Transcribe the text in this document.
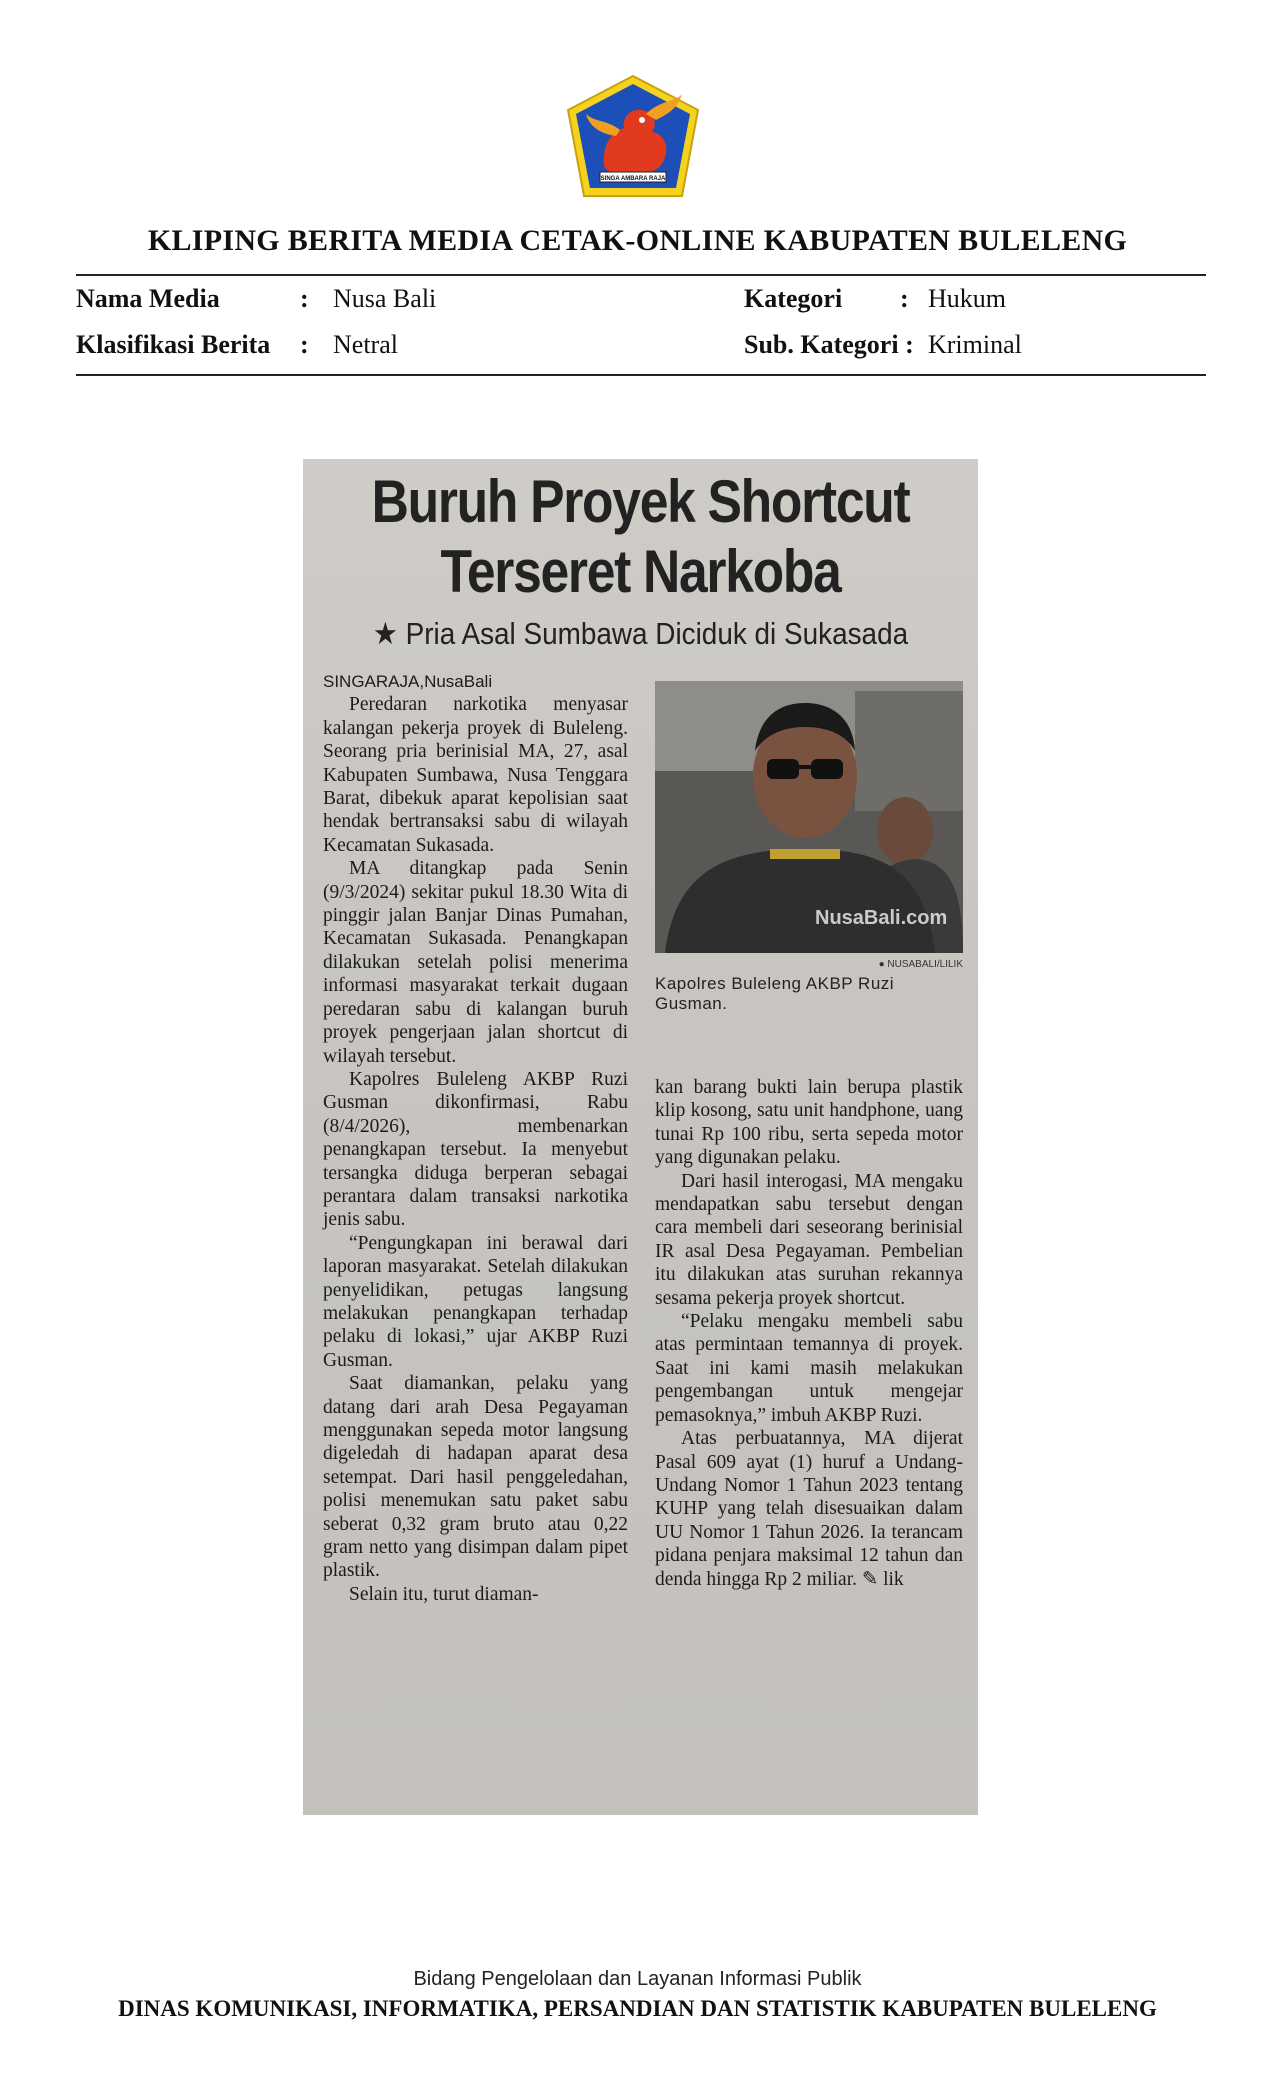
SINGA AMBARA RAJA
KLIPING BERITA MEDIA CETAK-ONLINE KABUPATEN BULELENG
Nama Media	: Nusa Bali	Kategori : Hukum
Klasifikasi Berita : Netral	Sub. Kategori : Kriminal
Buruh Proyek Shortcut
Terseret Narkoba
★ Pria Asal Sumbawa Diciduk di Sukasada

SINGARAJA,NusaBali

Peredaran narkotika menyasar kalangan pekerja proyek di Buleleng. Seorang pria berinisial MA, 27, asal Kabupaten Sumbawa, Nusa Tenggara Barat, dibekuk aparat kepolisian saat hendak bertransaksi sabu di wilayah Kecamatan Sukasada.

MA ditangkap pada Senin (9/3/2024) sekitar pukul 18.30 Wita di pinggir jalan Banjar Dinas Pumahan, Kecamatan Sukasada. Penangkapan dilakukan setelah polisi menerima informasi masyarakat terkait dugaan peredaran sabu di kalangan buruh proyek pengerjaan jalan shortcut di wilayah tersebut.

Kapolres Buleleng AKBP Ruzi Gusman dikonfirmasi, Rabu (8/4/2026), membenarkan penangkapan tersebut. Ia menyebut tersangka diduga berperan sebagai perantara dalam transaksi narkotika jenis sabu.

“Pengungkapan ini berawal dari laporan masyarakat. Setelah dilakukan penyelidikan, petugas langsung melakukan penangkapan terhadap pelaku di lokasi,” ujar AKBP Ruzi Gusman.

Saat diamankan, pelaku yang datang dari arah Desa Pegayaman menggunakan sepeda motor langsung digeledah di hadapan aparat desa setempat. Dari hasil penggeledahan, polisi menemukan satu paket sabu seberat 0,32 gram bruto atau 0,22 gram netto yang disimpan dalam pipet plastik.

Selain itu, turut diaman-

NusaBali.com
● NUSABALI/LILIK
Kapolres Buleleng AKBP Ruzi Gusman.

kan barang bukti lain berupa plastik klip kosong, satu unit handphone, uang tunai Rp 100 ribu, serta sepeda motor yang digunakan pelaku.

Dari hasil interogasi, MA mengaku mendapatkan sabu tersebut dengan cara membeli dari seseorang berinisial IR asal Desa Pegayaman. Pembelian itu dilakukan atas suruhan rekannya sesama pekerja proyek shortcut.

“Pelaku mengaku membeli sabu atas permintaan temannya di proyek. Saat ini kami masih melakukan pengembangan untuk mengejar pemasoknya,” imbuh AKBP Ruzi.

Atas perbuatannya, MA dijerat Pasal 609 ayat (1) huruf a Undang-Undang Nomor 1 Tahun 2023 tentang KUHP yang telah disesuaikan dalam UU Nomor 1 Tahun 2026. Ia terancam pidana penjara maksimal 12 tahun dan denda hingga Rp 2 miliar. ✎ lik

Bidang Pengelolaan dan Layanan Informasi Publik
DINAS KOMUNIKASI, INFORMATIKA, PERSANDIAN DAN STATISTIK KABUPATEN BULELENG
